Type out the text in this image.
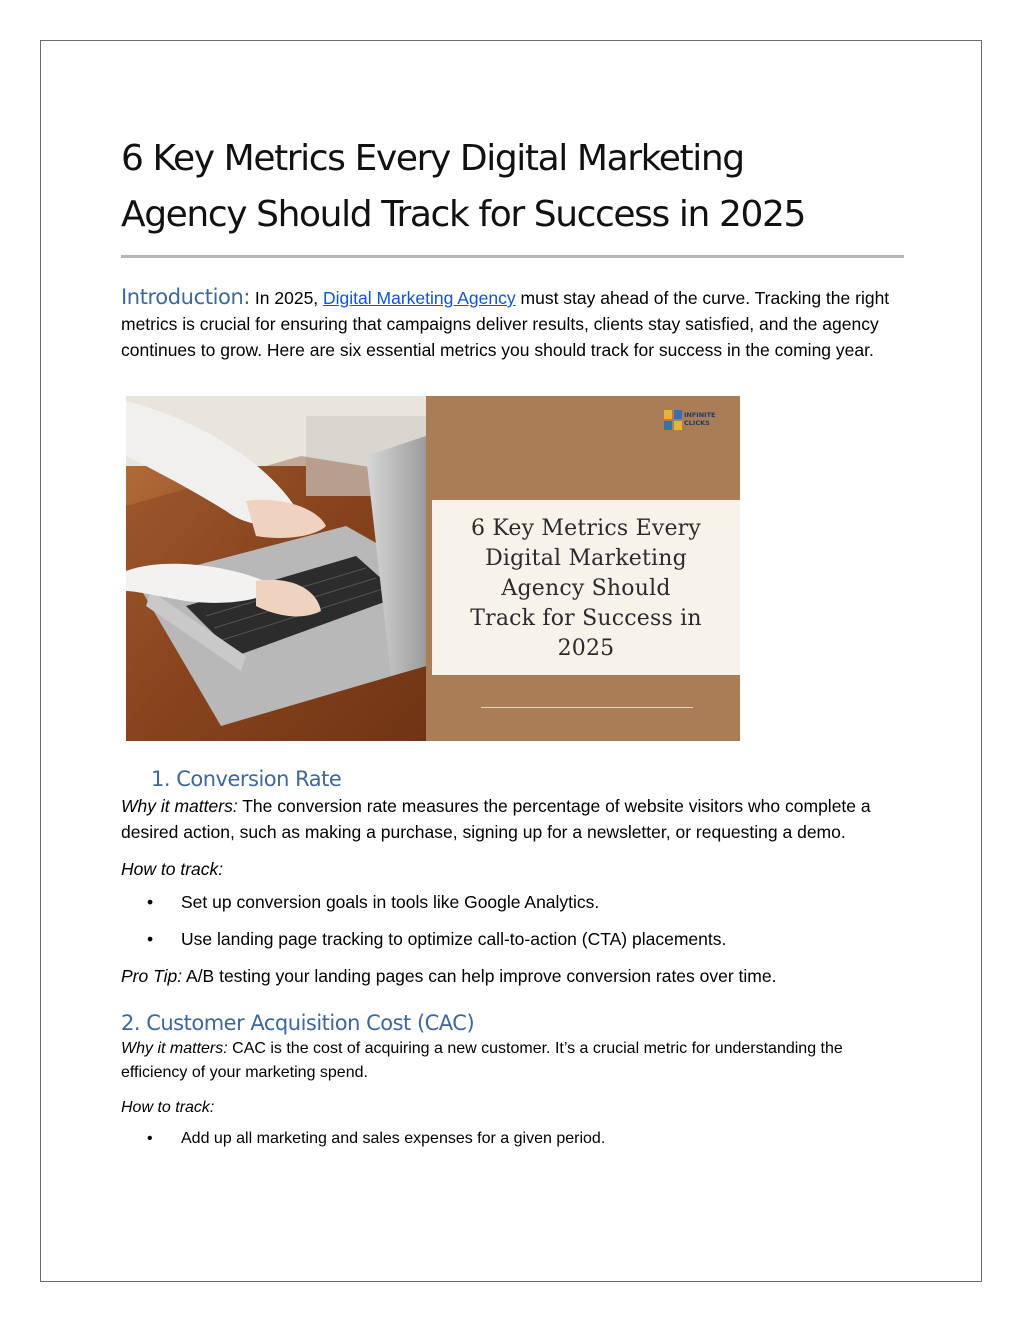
6 Key Metrics Every Digital Marketing
Agency Should Track for Success in 2025

Introduction: In 2025, Digital Marketing Agency must stay ahead of the curve. Tracking the right metrics is crucial for ensuring that campaigns deliver results, clients stay satisfied, and the agency continues to grow. Here are six essential metrics you should track for success in the coming year.

INFINITE
CLICKS
6 Key Metrics Every
Digital Marketing
Agency Should
Track for Success in
2025
1. Conversion Rate

Why it matters: The conversion rate measures the percentage of website visitors who complete a desired action, such as making a purchase, signing up for a newsletter, or requesting a demo.

How to track:

• Set up conversion goals in tools like Google Analytics.
• Use landing page tracking to optimize call-to-action (CTA) placements.

Pro Tip: A/B testing your landing pages can help improve conversion rates over time.

2. Customer Acquisition Cost (CAC)

Why it matters: CAC is the cost of acquiring a new customer. It’s a crucial metric for understanding the efficiency of your marketing spend.

How to track:

• Add up all marketing and sales expenses for a given period.
